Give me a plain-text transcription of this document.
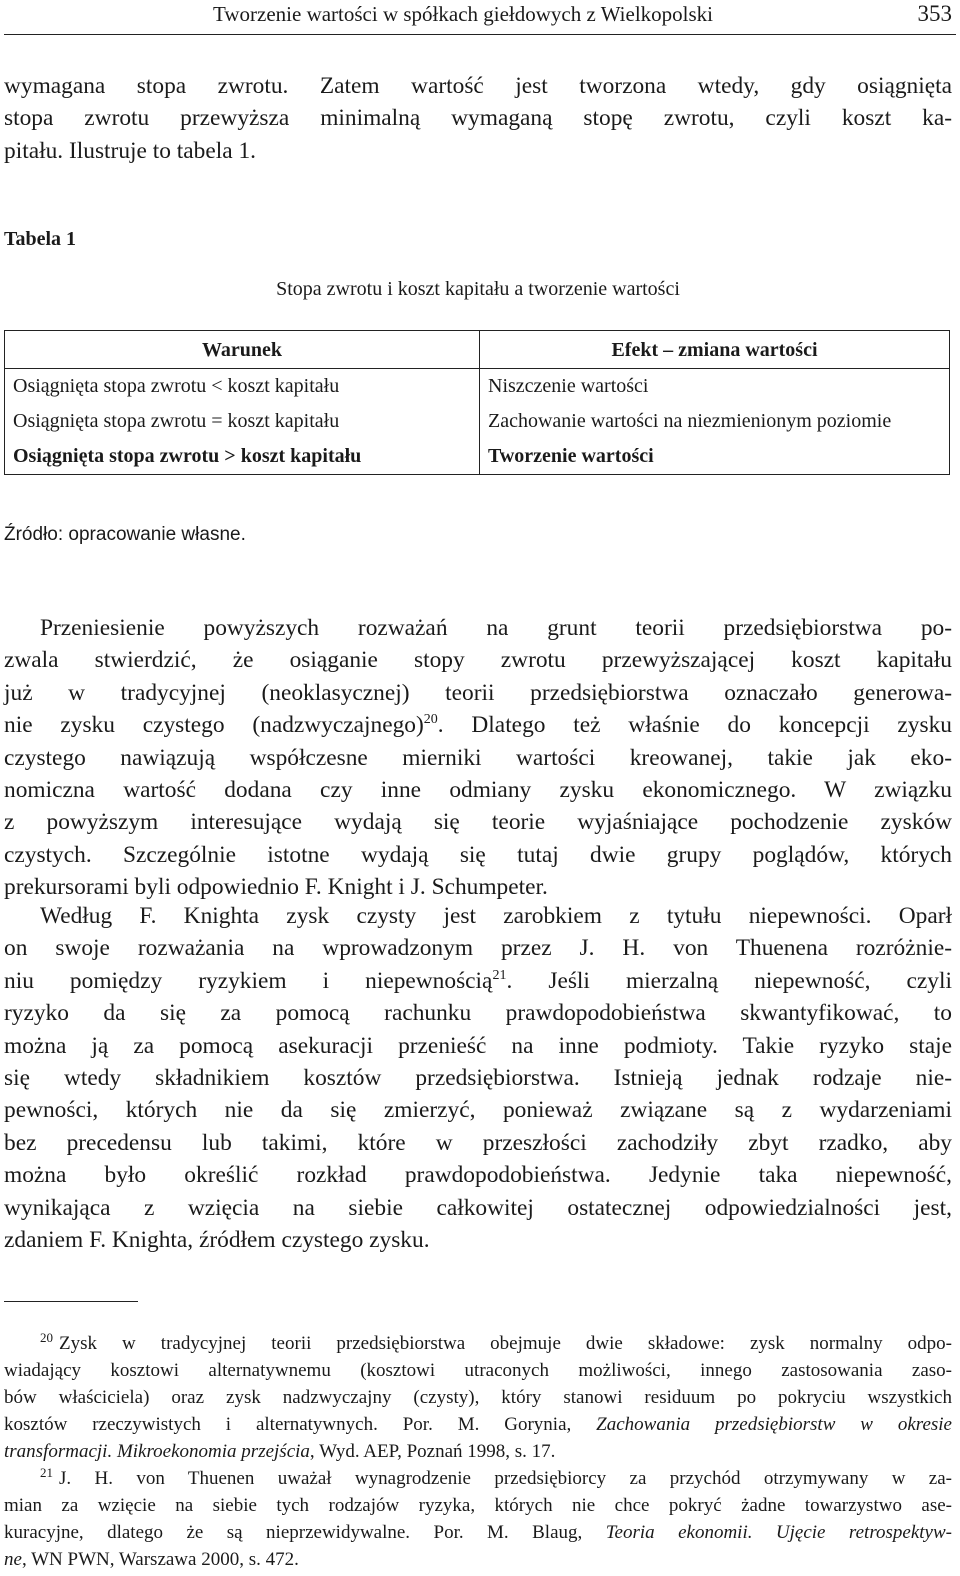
Tworzenie wartości w spółkach giełdowych z Wielkopolski	353

wymagana stopa zwrotu. Zatem wartość jest tworzona wtedy, gdy osiągnięta
stopa zwrotu przewyższa minimalną wymaganą stopę zwrotu, czyli koszt ka-
pitału. Ilustruje to tabela 1.

Tabela 1
Stopa zwrotu i koszt kapitału a tworzenie wartości
Warunek	Efekt – zmiana wartości
Osiągnięta stopa zwrotu < koszt kapitału	Niszczenie wartości
Osiągnięta stopa zwrotu = koszt kapitału	Zachowanie wartości na niezmienionym poziomie
Osiągnięta stopa zwrotu > koszt kapitału	Tworzenie wartości
Źródło: opracowanie własne.

Przeniesienie powyższych rozważań na grunt teorii przedsiębiorstwa po-
zwala stwierdzić, że osiąganie stopy zwrotu przewyższającej koszt kapitału
już w tradycyjnej (neoklasycznej) teorii przedsiębiorstwa oznaczało generowa-
nie zysku czystego (nadzwyczajnego)$^{20}$. Dlatego też właśnie do koncepcji zysku
czystego nawiązują współczesne mierniki wartości kreowanej, takie jak eko-
nomiczna wartość dodana czy inne odmiany zysku ekonomicznego. W związku
z powyższym interesujące wydają się teorie wyjaśniające pochodzenie zysków
czystych. Szczególnie istotne wydają się tutaj dwie grupy poglądów, których
prekursorami byli odpowiednio F. Knight i J. Schumpeter.

Według F. Knighta zysk czysty jest zarobkiem z tytułu niepewności. Oparł
on swoje rozważania na wprowadzonym przez J. H. von Thuenena rozróżnie-
niu pomiędzy ryzykiem i niepewnością$^{21}$. Jeśli mierzalną niepewność, czyli
ryzyko da się za pomocą rachunku prawdopodobieństwa skwantyfikować, to
można ją za pomocą asekuracji przenieść na inne podmioty. Takie ryzyko staje
się wtedy składnikiem kosztów przedsiębiorstwa. Istnieją jednak rodzaje nie-
pewności, których nie da się zmierzyć, ponieważ związane są z wydarzeniami
bez precedensu lub takimi, które w przeszłości zachodziły zbyt rzadko, aby
można było określić rozkład prawdopodobieństwa. Jedynie taka niepewność,
wynikająca z wzięcia na siebie całkowitej ostatecznej odpowiedzialności jest,
zdaniem F. Knighta, źródłem czystego zysku.

$^{20}$ Zysk w tradycyjnej teorii przedsiębiorstwa obejmuje dwie składowe: zysk normalny odpo-
wiadający kosztowi alternatywnemu (kosztowi utraconych możliwości, innego zastosowania zaso-
bów właściciela) oraz zysk nadzwyczajny (czysty), który stanowi residuum po pokryciu wszystkich
kosztów rzeczywistych i alternatywnych. Por. M. Gorynia, Zachowania przedsiębiorstw w okresie
transformacji. Mikroekonomia przejścia, Wyd. AEP, Poznań 1998, s. 17.
$^{21}$ J. H. von Thuenen uważał wynagrodzenie przedsiębiorcy za przychód otrzymywany w za-
mian za wzięcie na siebie tych rodzajów ryzyka, których nie chce pokryć żadne towarzystwo ase-
kuracyjne, dlatego że są nieprzewidywalne. Por. M. Blaug, Teoria ekonomii. Ujęcie retrospektyw-
ne, WN PWN, Warszawa 2000, s. 472.
